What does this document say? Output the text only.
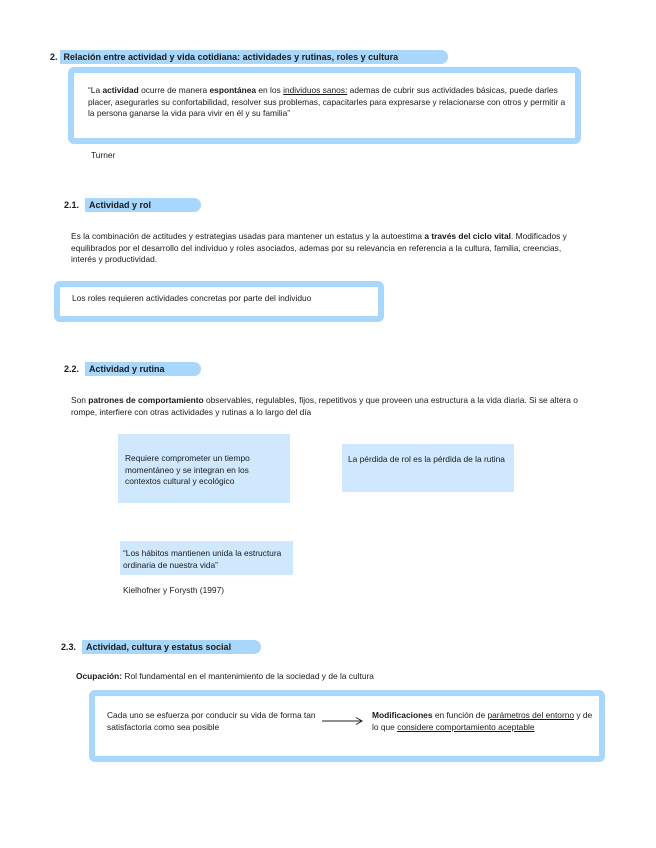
2. Relación entre actividad y vida cotidiana: actividades y rutinas, roles y cultura
“La actividad ocurre de manera espontánea en los individuos sanos: ademas de cubrir sus actividades básicas, puede darles placer, asegurarles su confortabilidad, resolver sus problemas, capacitarles para expresarse y relacionarse con otros y permitir a la persona ganarse la vida para vivir en él y su familia”
Turner
2.1.	Actividad y rol
Es la combinación de actitudes y estrategias usadas para mantener un estatus y la autoestima a través del ciclo vital. Modificados y equilibrados por el desarrollo del individuo y roles asociados, ademas por su relevancia en referencia a la cultura, familia, creencias, interés y productividad.
Los roles requieren actividades concretas por parte del individuo
2.2.	Actividad y rutina
Son patrones de comportamiento observables, regulables, fijos, repetitivos y que proveen una estructura a la vida diaria. Si se altera o rompe, interfiere con otras actividades y rutinas a lo largo del día
Requiere comprometer un tiempo momentáneo y se integran en los contextos cultural y ecológico
La pérdida de rol es la pérdida de la rutina
“Los hábitos mantienen unida la estructura ordinaria de nuestra vida”
Kielhofner y Forysth (1997)
2.3.	Actividad, cultura y estatus social
Ocupación: Rol fundamental en el mantenimiento de la sociedad y de la cultura
Cada uno se esfuerza por conducir su vida de forma tan satisfactoria como sea posible
Modificaciones en función de parámetros del entorno y de lo que considere comportamiento aceptable
